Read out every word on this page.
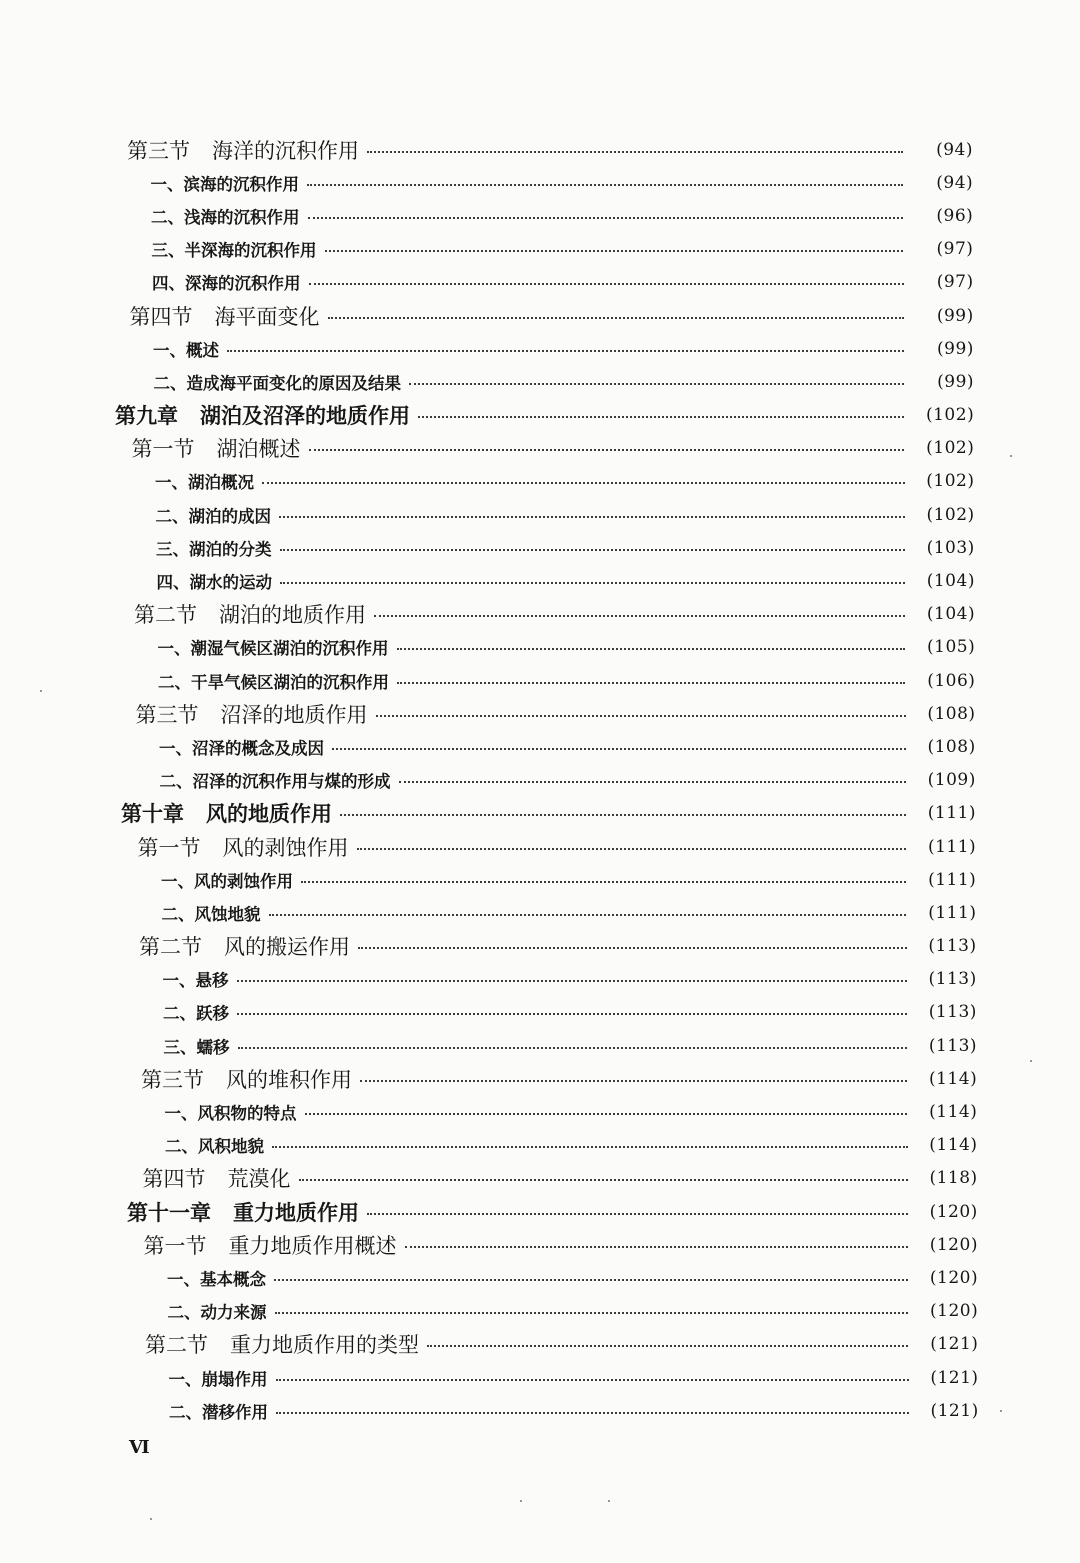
第三节 海洋的沉积作用	(94)
一、滨海的沉积作用	(94)
二、浅海的沉积作用	(96)
三、半深海的沉积作用	(97)
四、深海的沉积作用	(97)
第四节 海平面变化	(99)
一、概述	(99)
二、造成海平面变化的原因及结果	(99)
第九章 湖泊及沼泽的地质作用	(102)
第一节 湖泊概述	(102)
一、湖泊概况	(102)
二、湖泊的成因	(102)
三、湖泊的分类	(103)
四、湖水的运动	(104)
第二节 湖泊的地质作用	(104)
一、潮湿气候区湖泊的沉积作用	(105)
二、干旱气候区湖泊的沉积作用	(106)
第三节 沼泽的地质作用	(108)
一、沼泽的概念及成因	(108)
二、沼泽的沉积作用与煤的形成	(109)
第十章 风的地质作用	(111)
第一节 风的剥蚀作用	(111)
一、风的剥蚀作用	(111)
二、风蚀地貌	(111)
第二节 风的搬运作用	(113)
一、悬移	(113)
二、跃移	(113)
三、蠕移	(113)
第三节 风的堆积作用	(114)
一、风积物的特点	(114)
二、风积地貌	(114)
第四节 荒漠化	(118)
第十一章 重力地质作用	(120)
第一节 重力地质作用概述	(120)
一、基本概念	(120)
二、动力来源	(120)
第二节 重力地质作用的类型	(121)
一、崩塌作用	(121)
二、潜移作用	(121)
Ⅵ
